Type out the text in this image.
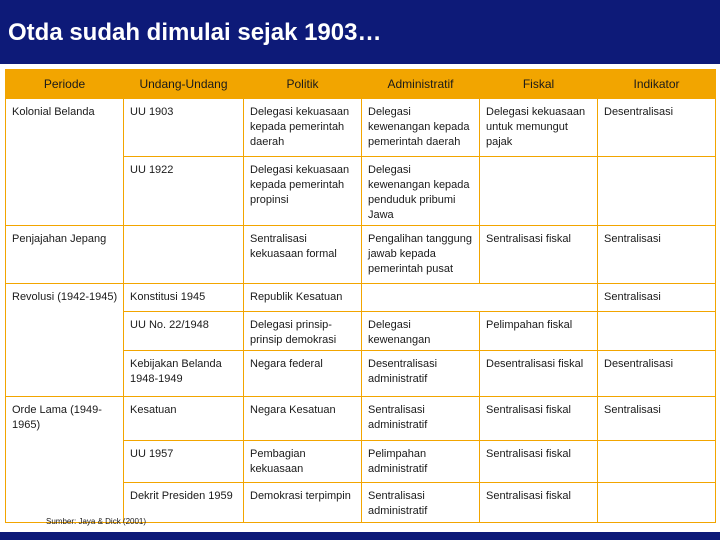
Otda sudah dimulai sejak 1903…
Periode	Undang-Undang	Politik	Administratif	Fiskal	Indikator
Kolonial Belanda	UU 1903	Delegasi kekuasaan kepada pemerintah daerah	Delegasi kewenangan kepada pemerintah daerah	Delegasi kekuasaan untuk memungut pajak	Desentralisasi
	UU 1922	Delegasi kekuasaan kepada pemerintah propinsi	Delegasi kewenangan kepada penduduk pribumi Jawa		
Penjajahan Jepang		Sentralisasi kekuasaan formal	Pengalihan tanggung jawab kepada pemerintah pusat	Sentralisasi fiskal	Sentralisasi
Revolusi (1942-1945)	Konstitusi 1945	Republik Kesatuan			Sentralisasi
	UU No. 22/1948	Delegasi prinsip-prinsip demokrasi	Delegasi kewenangan	Pelimpahan fiskal	
	Kebijakan Belanda 1948-1949	Negara federal	Desentralisasi administratif	Desentralisasi fiskal	Desentralisasi
Orde Lama (1949-1965)	Kesatuan	Negara Kesatuan	Sentralisasi administratif	Sentralisasi fiskal	Sentralisasi
	UU 1957	Pembagian kekuasaan	Pelimpahan administratif	Sentralisasi fiskal	
	Dekrit Presiden 1959	Demokrasi terpimpin	Sentralisasi administratif	Sentralisasi fiskal	
Sumber: Jaya & Dick (2001)
